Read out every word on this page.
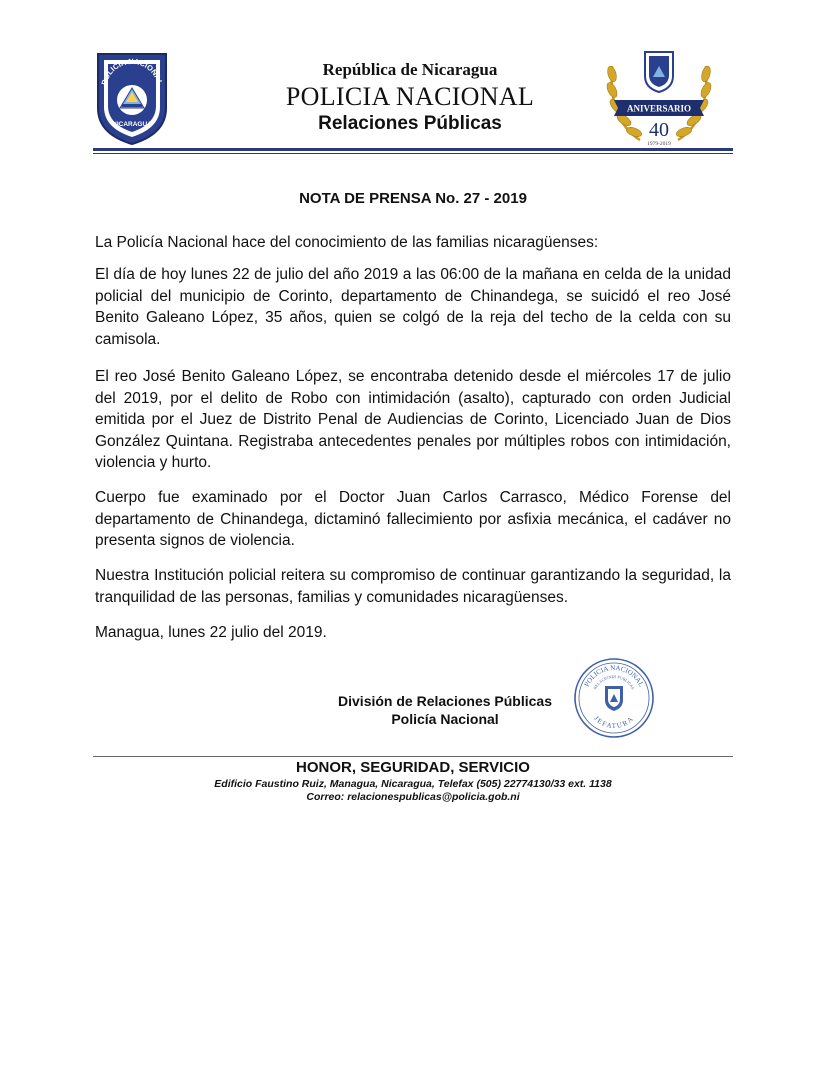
POLICIA NACIONAL
NICARAGUA
República de Nicaragua
POLICIA NACIONAL
Relaciones Públicas
ANIVERSARIO
40
1979-2019
NOTA DE PRENSA No. 27 - 2019

La Policía Nacional hace del conocimiento de las familias nicaragüenses:

El día de hoy lunes 22 de julio del año 2019 a las 06:00 de la mañana en celda de la unidad policial del municipio de Corinto, departamento de Chinandega, se suicidó el reo José Benito Galeano López, 35 años, quien se colgó de la reja del techo de la celda con su camisola.

El reo José Benito Galeano López, se encontraba detenido desde el miércoles 17 de julio del 2019, por el delito de Robo con intimidación (asalto), capturado con orden Judicial emitida por el Juez de Distrito Penal de Audiencias de Corinto, Licenciado Juan de Dios González Quintana. Registraba antecedentes penales por múltiples robos con intimidación, violencia y hurto.

Cuerpo fue examinado por el Doctor Juan Carlos Carrasco, Médico Forense del departamento de Chinandega, dictaminó fallecimiento por asfixia mecánica, el cadáver no presenta signos de violencia.

Nuestra Institución policial reitera su compromiso de continuar garantizando la seguridad, la tranquilidad de las personas, familias y comunidades nicaragüenses.

Managua, lunes 22 julio del 2019.

División de Relaciones Públicas
Policía Nacional
POLICIA NACIONAL
RELACIONES PUBLICAS
JEFATURA
HONOR, SEGURIDAD, SERVICIO
Edificio Faustino Ruiz, Managua, Nicaragua, Telefax (505) 22774130/33 ext. 1138
Correo: relacionespublicas@policia.gob.ni
